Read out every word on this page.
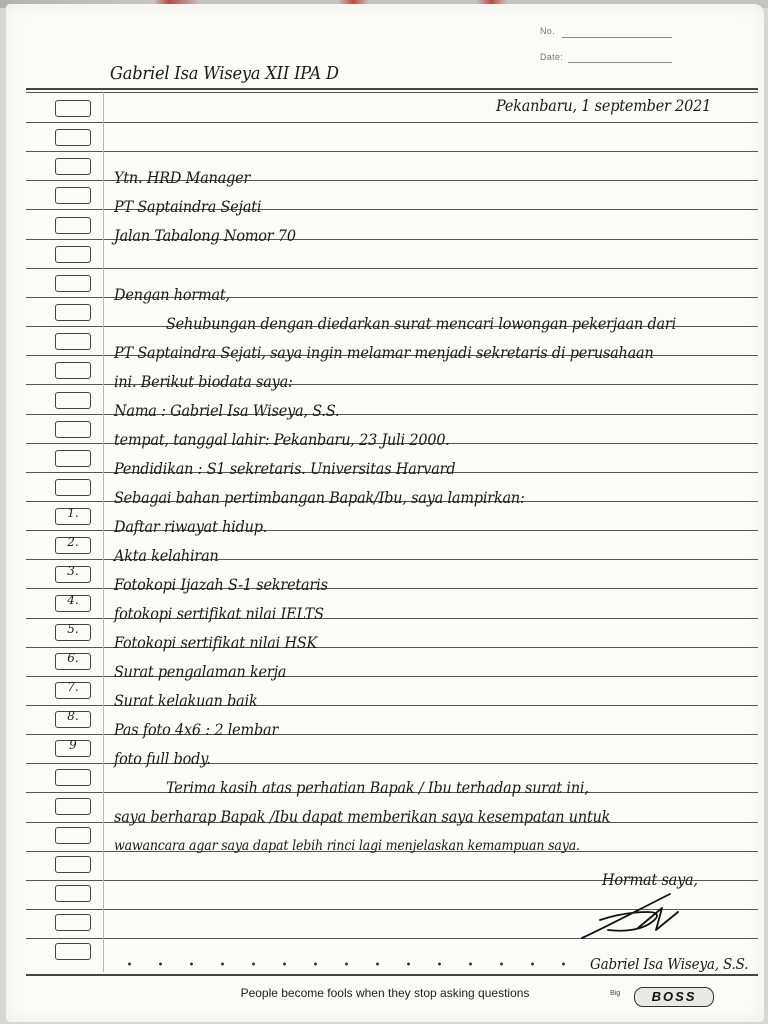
No.
Date:
Gabriel Isa Wiseya XII IPA D
1.
2.
3.
4.
5.
6.
7.
8.
9
Pekanbaru, 1 september 2021
Ytn. HRD Manager
PT Saptaindra Sejati
Jalan Tabalong Nomor 70
Dengan hormat,
Sehubungan dengan diedarkan surat mencari lowongan pekerjaan dari
PT Saptaindra Sejati, saya ingin melamar menjadi sekretaris di perusahaan
ini. Berikut biodata saya:
Nama : Gabriel Isa Wiseya, S.S.
tempat, tanggal lahir: Pekanbaru, 23 Juli 2000.
Pendidikan : S1 sekretaris. Universitas Harvard
Sebagai bahan pertimbangan Bapak/Ibu, saya lampirkan:
Daftar riwayat hidup.
Akta kelahiran
Fotokopi Ijazah S-1 sekretaris
fotokopi sertifikat nilai IELTS
Fotokopi sertifikat nilai HSK
Surat pengalaman kerja
Surat kelakuan baik
Pas foto 4x6 : 2 lembar
foto full body.
Terima kasih atas perhatian Bapak / Ibu terhadap surat ini,
saya berharap Bapak /Ibu dapat memberikan saya kesempatan untuk
wawancara agar saya dapat lebih rinci lagi menjelaskan kemampuan saya.
Hormat saya,
Gabriel Isa Wiseya, S.S.
People become fools when they stop asking questions	Big	BOSS
